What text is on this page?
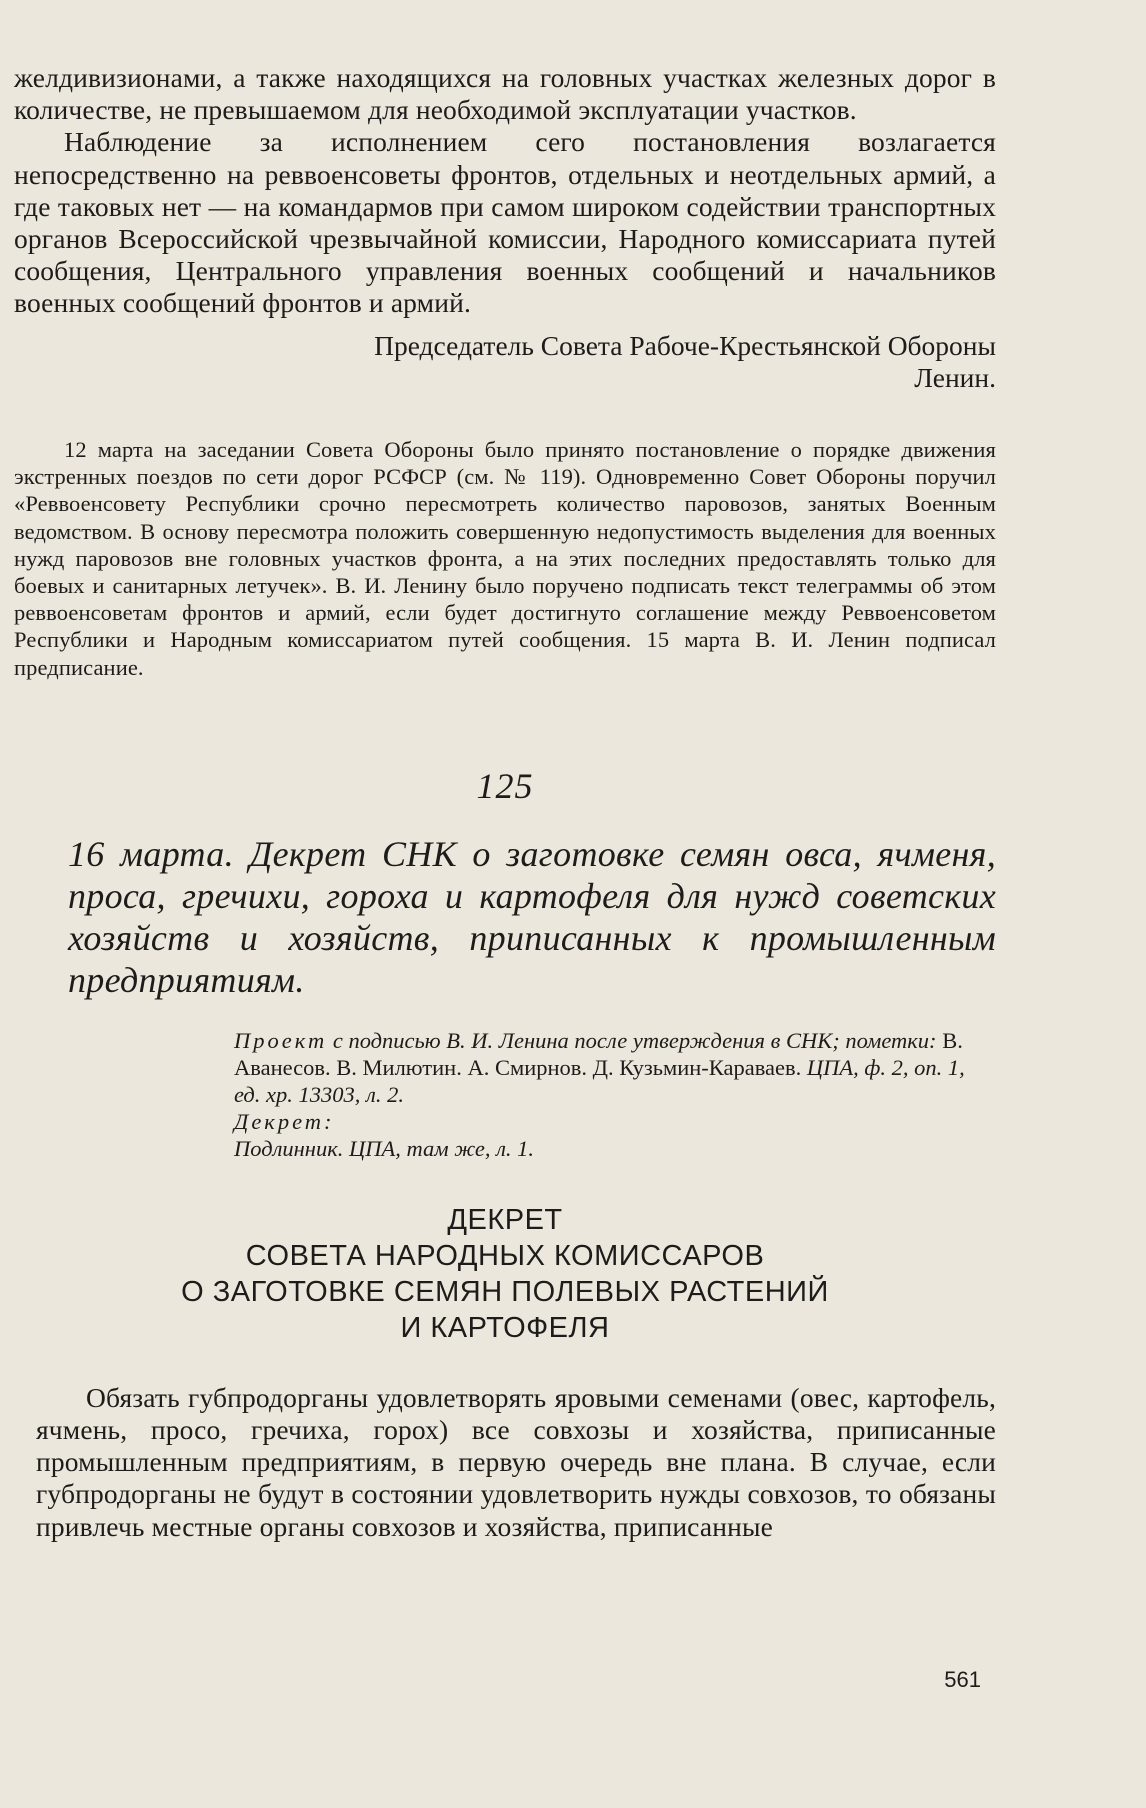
желдивизионами, а также находящихся на головных участках железных дорог в количестве, не превышаемом для необходимой эксплуатации участков.

Наблюдение за исполнением сего постановления возлагается непосредственно на реввоенсоветы фронтов, отдельных и неотдельных армий, а где таковых нет — на командармов при самом широком содействии транспортных органов Всероссийской чрезвычайной комиссии, Народного комиссариата путей сообщения, Центрального управления военных сообщений и начальников военных сообщений фронтов и армий.

Председатель Совета Рабоче-Крестьянской Обороны
Ленин.

12 марта на заседании Совета Обороны было принято постановление о порядке движения экстренных поездов по сети дорог РСФСР (см. № 119). Одновременно Совет Обороны поручил «Реввоенсовету Республики срочно пересмотреть количество паровозов, занятых Военным ведомством. В основу пересмотра положить совершенную недопустимость выделения для военных нужд паровозов вне головных участков фронта, а на этих последних предоставлять только для боевых и санитарных летучек». В. И. Ленину было поручено подписать текст телеграммы об этом реввоенсоветам фронтов и армий, если будет достигнуто соглашение между Реввоенсоветом Республики и Народным комиссариатом путей сообщения. 15 марта В. И. Ленин подписал предписание.

125
16 марта. Декрет СНК о заготовке семян овса, ячменя, проса, гречихи, гороха и картофеля для нужд советских хозяйств и хозяйств, приписанных к промышленным предприятиям.
Проект с подписью В. И. Ленина после утверждения в СНК; пометки: В. Аванесов. В. Милютин. А. Смирнов. Д. Кузьмин-Караваев. ЦПА, ф. 2, оп. 1, ед. хр. 13303, л. 2.
Декрет:
Подлинник. ЦПА, там же, л. 1.
ДЕКРЕТ
СОВЕТА НАРОДНЫХ КОМИССАРОВ
О ЗАГОТОВКЕ СЕМЯН ПОЛЕВЫХ РАСТЕНИЙ
И КАРТОФЕЛЯ

Обязать губпродорганы удовлетворять яровыми семенами (овес, картофель, ячмень, просо, гречиха, горох) все совхозы и хозяйства, приписанные промышленным предприятиям, в первую очередь вне плана. В случае, если губпродорганы не будут в состоянии удовлетворить нужды совхозов, то обязаны привлечь местные органы совхозов и хозяйства, приписанные

561
